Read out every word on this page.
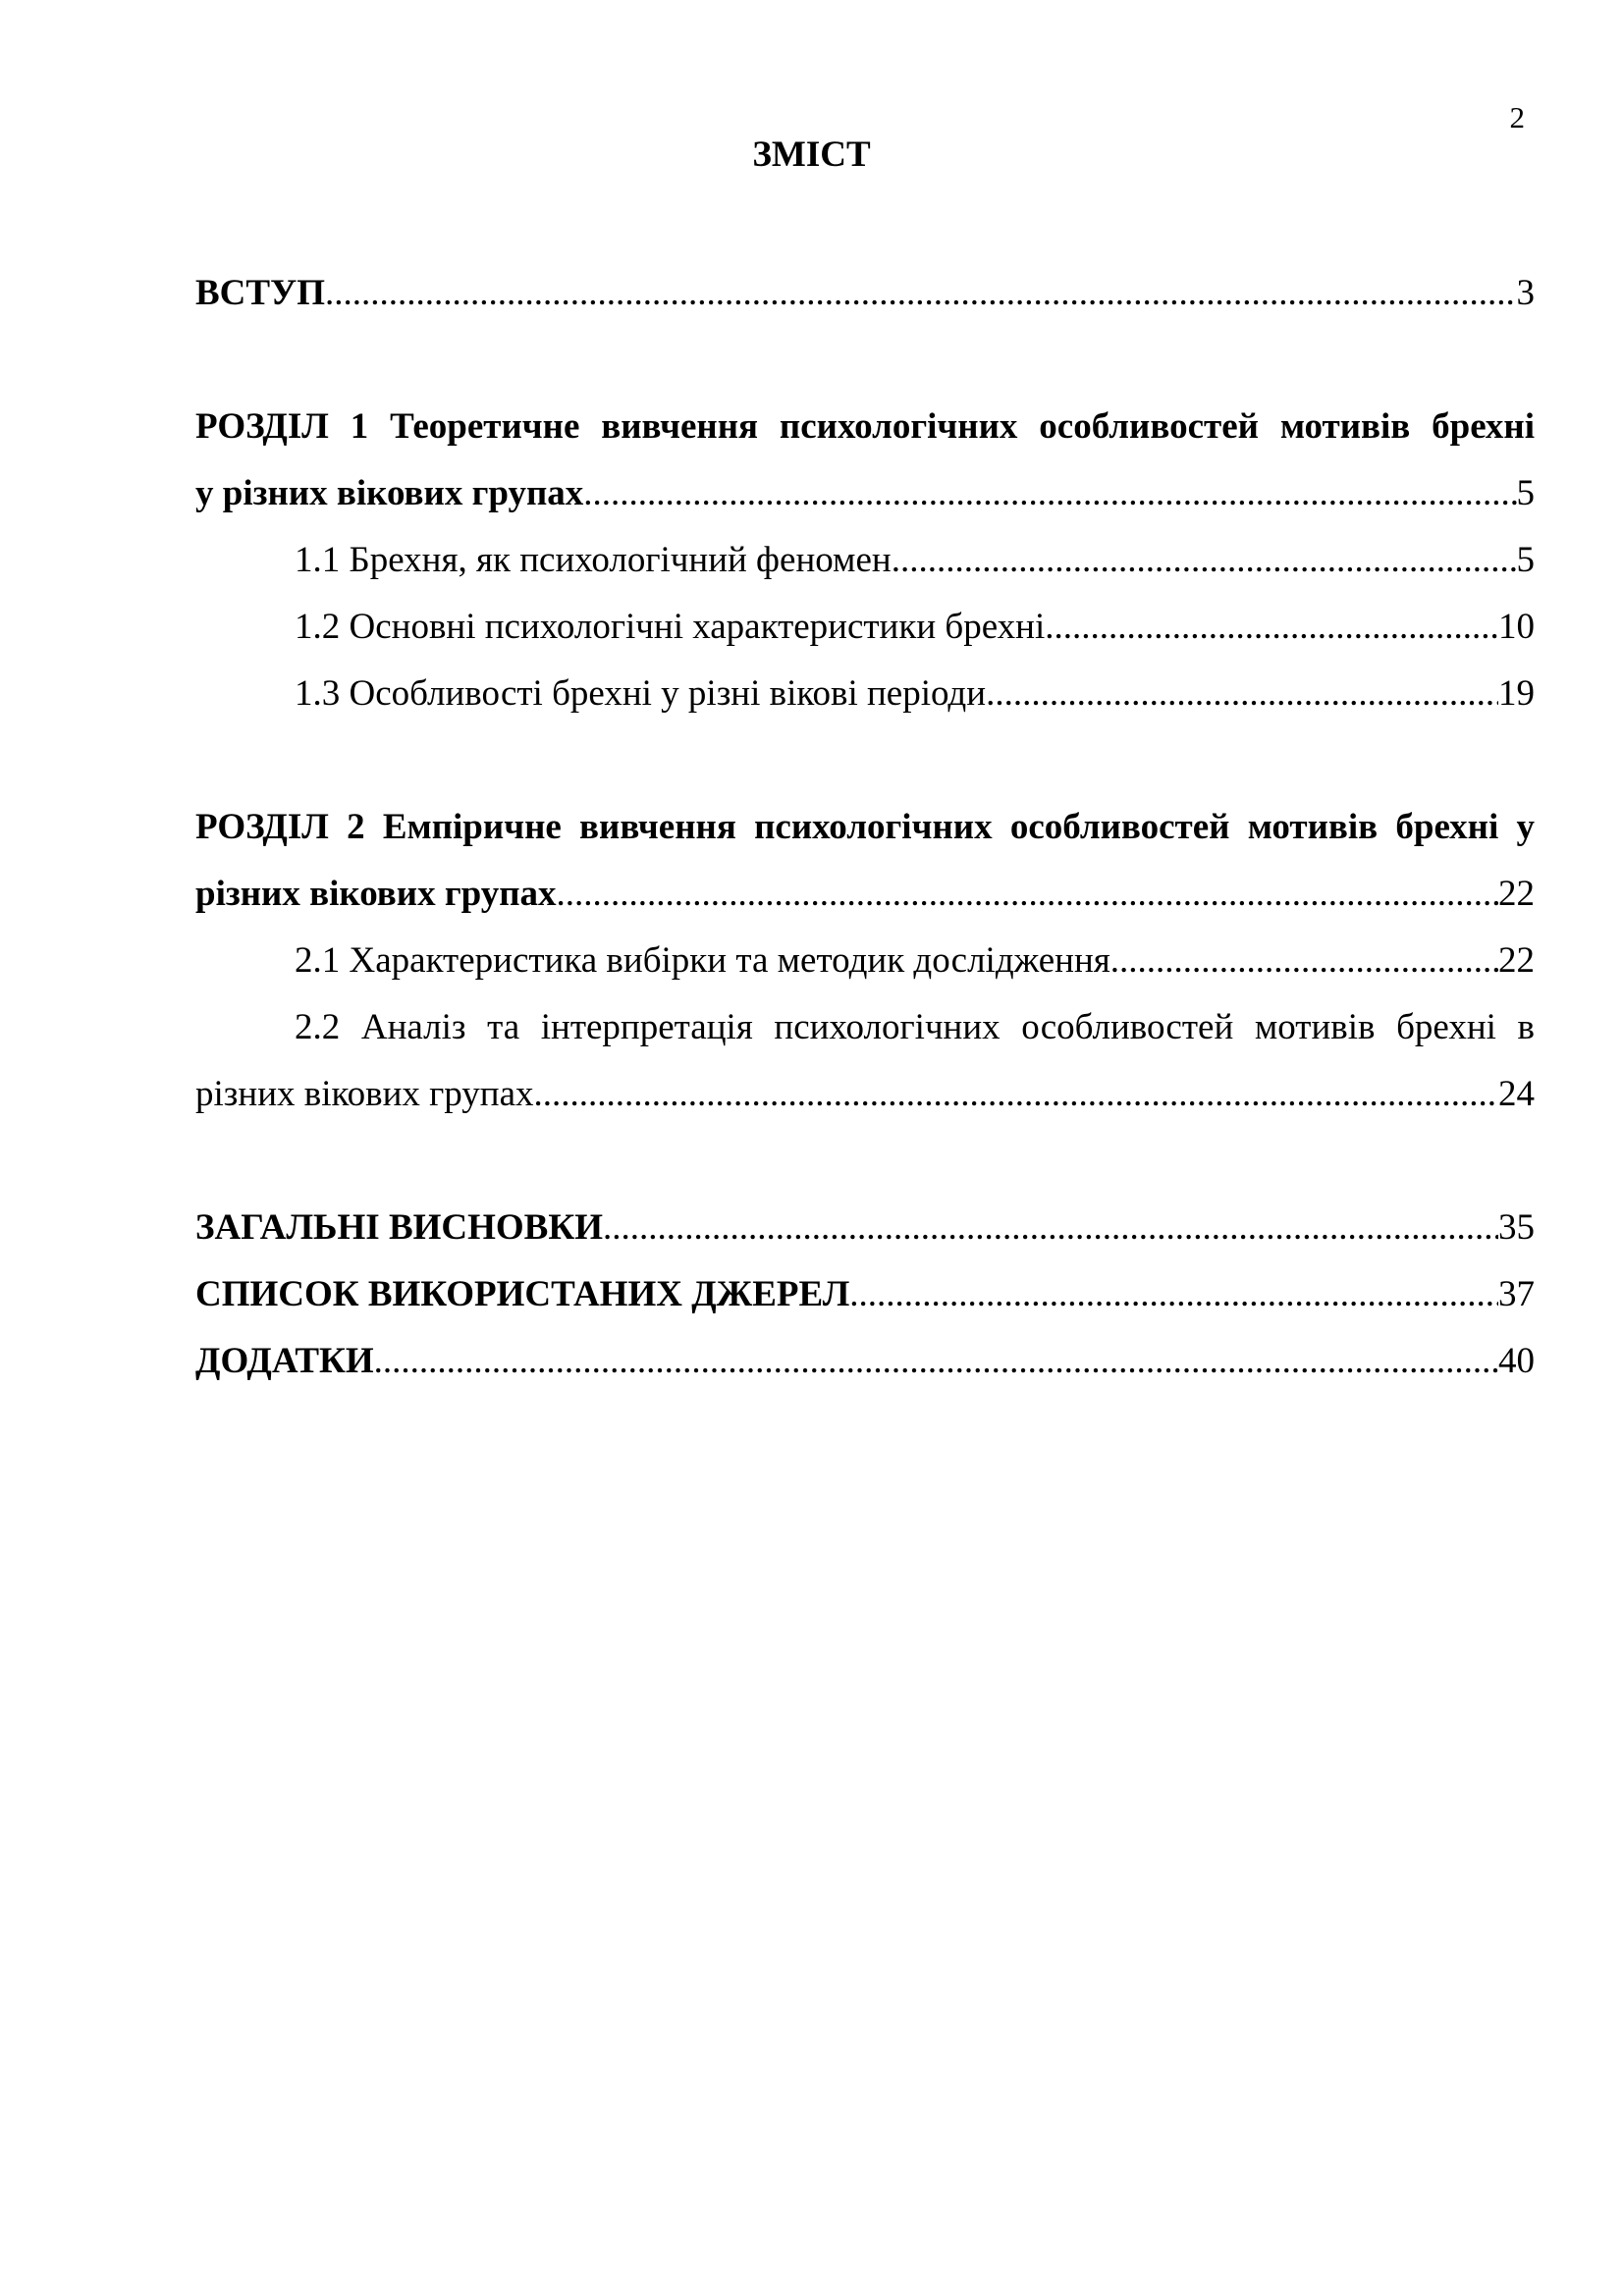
2
ЗМІСТ
ВСТУП .....	3
РОЗДІЛ 1 Теоретичне вивчення психологічних особливостей мотивів брехні
у різних вікових групах .....	5
1.1 Брехня, як психологічний феномен .....	5
1.2 Основні психологічні характеристики брехні .....	10
1.3 Особливості брехні у різні вікові періоди .....	19
РОЗДІЛ 2 Емпіричне вивчення психологічних особливостей мотивів брехні у
різних вікових групах .....	22
2.1 Характеристика вибірки та методик дослідження .....	22
2.2 Аналіз та інтерпретація психологічних особливостей мотивів брехні в
різних вікових групах .....	24
ЗАГАЛЬНІ ВИСНОВКИ .....	35
СПИСОК ВИКОРИСТАНИХ ДЖЕРЕЛ .....	37
ДОДАТКИ .....	40
